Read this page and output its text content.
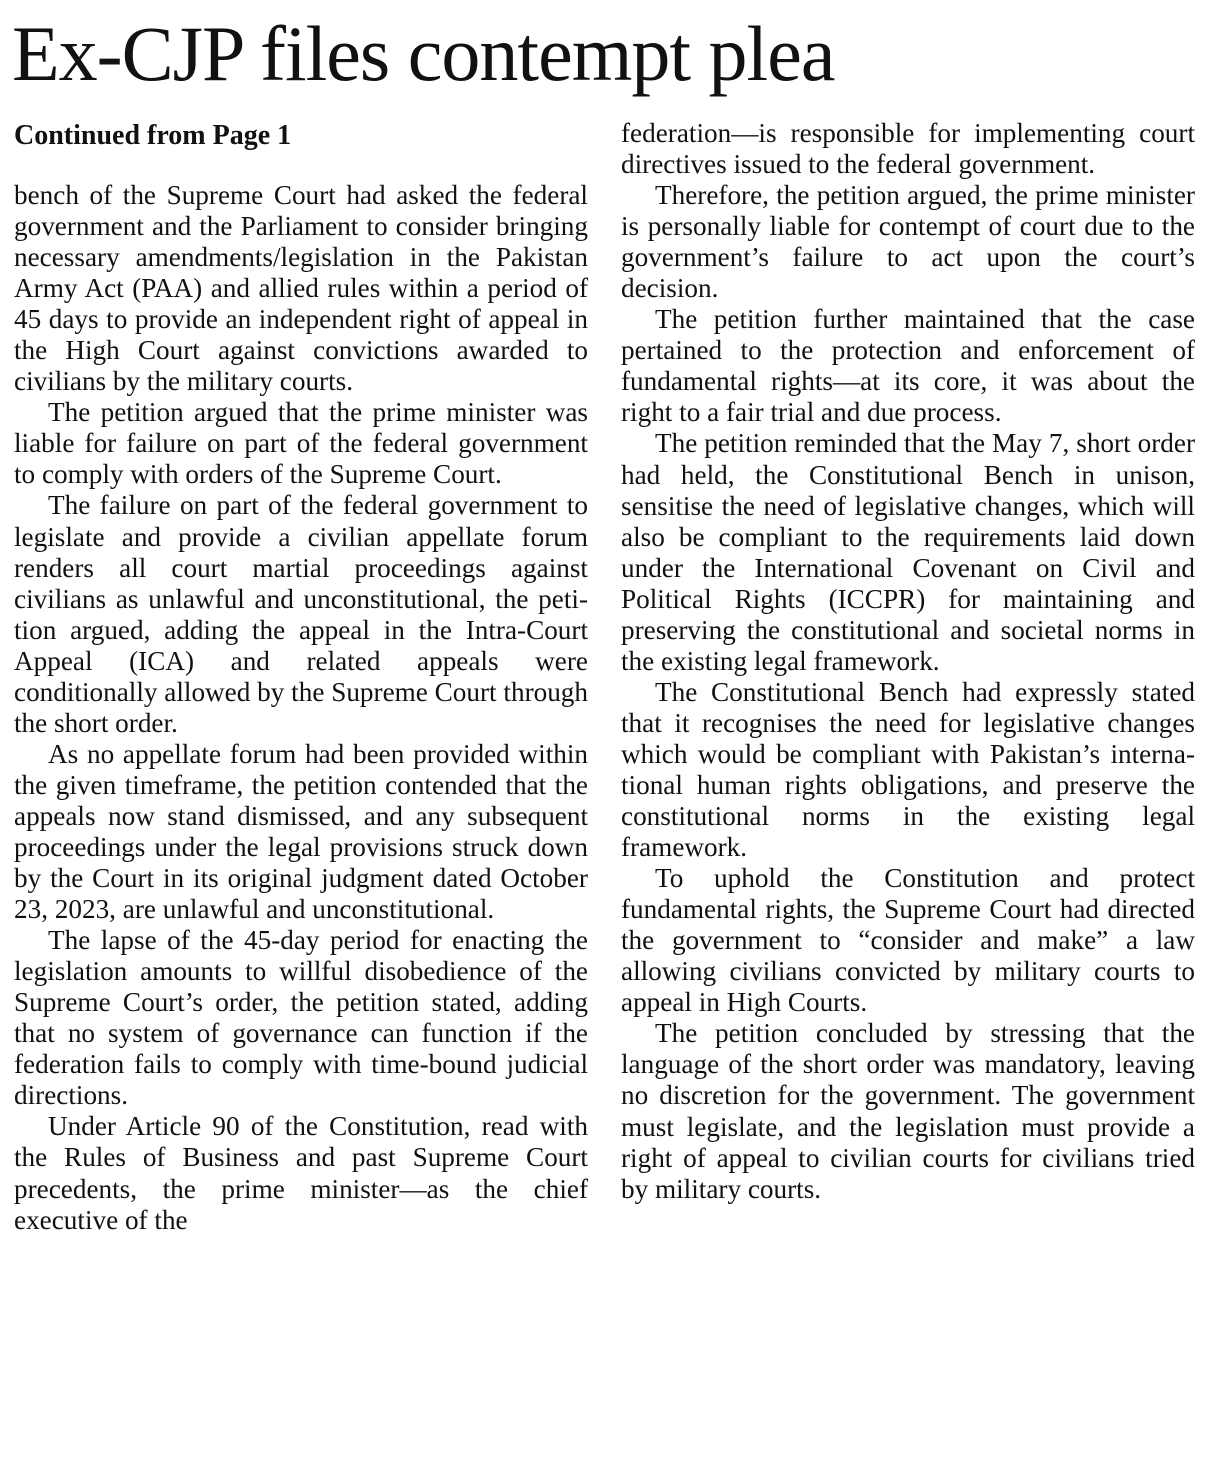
Ex-CJP files contempt plea
Continued from Page 1

bench of the Supreme Court had asked the federal government and the Parliament to consider bringing necessary amendments/legislation in the Pakistan Army Act (PAA) and allied rules within a period of 45 days to provide an independent right of appeal in the High Court against convictions awarded to civilians by the military courts.

The petition argued that the prime minister was liable for failure on part of the federal government to comply with orders of the Supreme Court.

The failure on part of the federal government to legislate and provide a civilian appellate forum renders all court martial proceedings against civilians as unlawful and unconstitutional, the petition argued, adding the appeal in the Intra-Court Appeal (ICA) and related appeals were conditionally allowed by the Supreme Court through the short order.

As no appellate forum had been provided within the given timeframe, the petition contended that the appeals now stand dismissed, and any subsequent proceedings under the legal provisions struck down by the Court in its original judgment dated October 23, 2023, are unlawful and unconstitutional.

The lapse of the 45-day period for enacting the legislation amounts to willful disobedience of the Supreme Court’s order, the petition stated, adding that no system of governance can function if the federation fails to comply with time-bound judicial directions.

Under Article 90 of the Constitution, read with the Rules of Business and past Supreme Court precedents, the prime minister—as the chief executive of the

federation—is responsible for implementing court directives issued to the federal government.

Therefore, the petition argued, the prime minister is personally liable for contempt of court due to the government’s failure to act upon the court’s decision.

The petition further maintained that the case pertained to the protection and enforcement of fundamental rights—at its core, it was about the right to a fair trial and due process.

The petition reminded that the May 7, short order had held, the Constitutional Bench in unison, sensitise the need of legislative changes, which will also be compliant to the requirements laid down under the International Covenant on Civil and Political Rights (ICCPR) for maintaining and preserving the constitutional and societal norms in the existing legal framework.

The Constitutional Bench had expressly stated that it recognises the need for legislative changes which would be compliant with Pakistan’s international human rights obligations, and preserve the constitutional norms in the existing legal framework.

To uphold the Constitution and protect fundamental rights, the Supreme Court had directed the government to “consider and make” a law allowing civilians convicted by military courts to appeal in High Courts.

The petition concluded by stressing that the language of the short order was mandatory, leaving no discretion for the government. The government must legislate, and the legislation must provide a right of appeal to civilian courts for civilians tried by military courts.
